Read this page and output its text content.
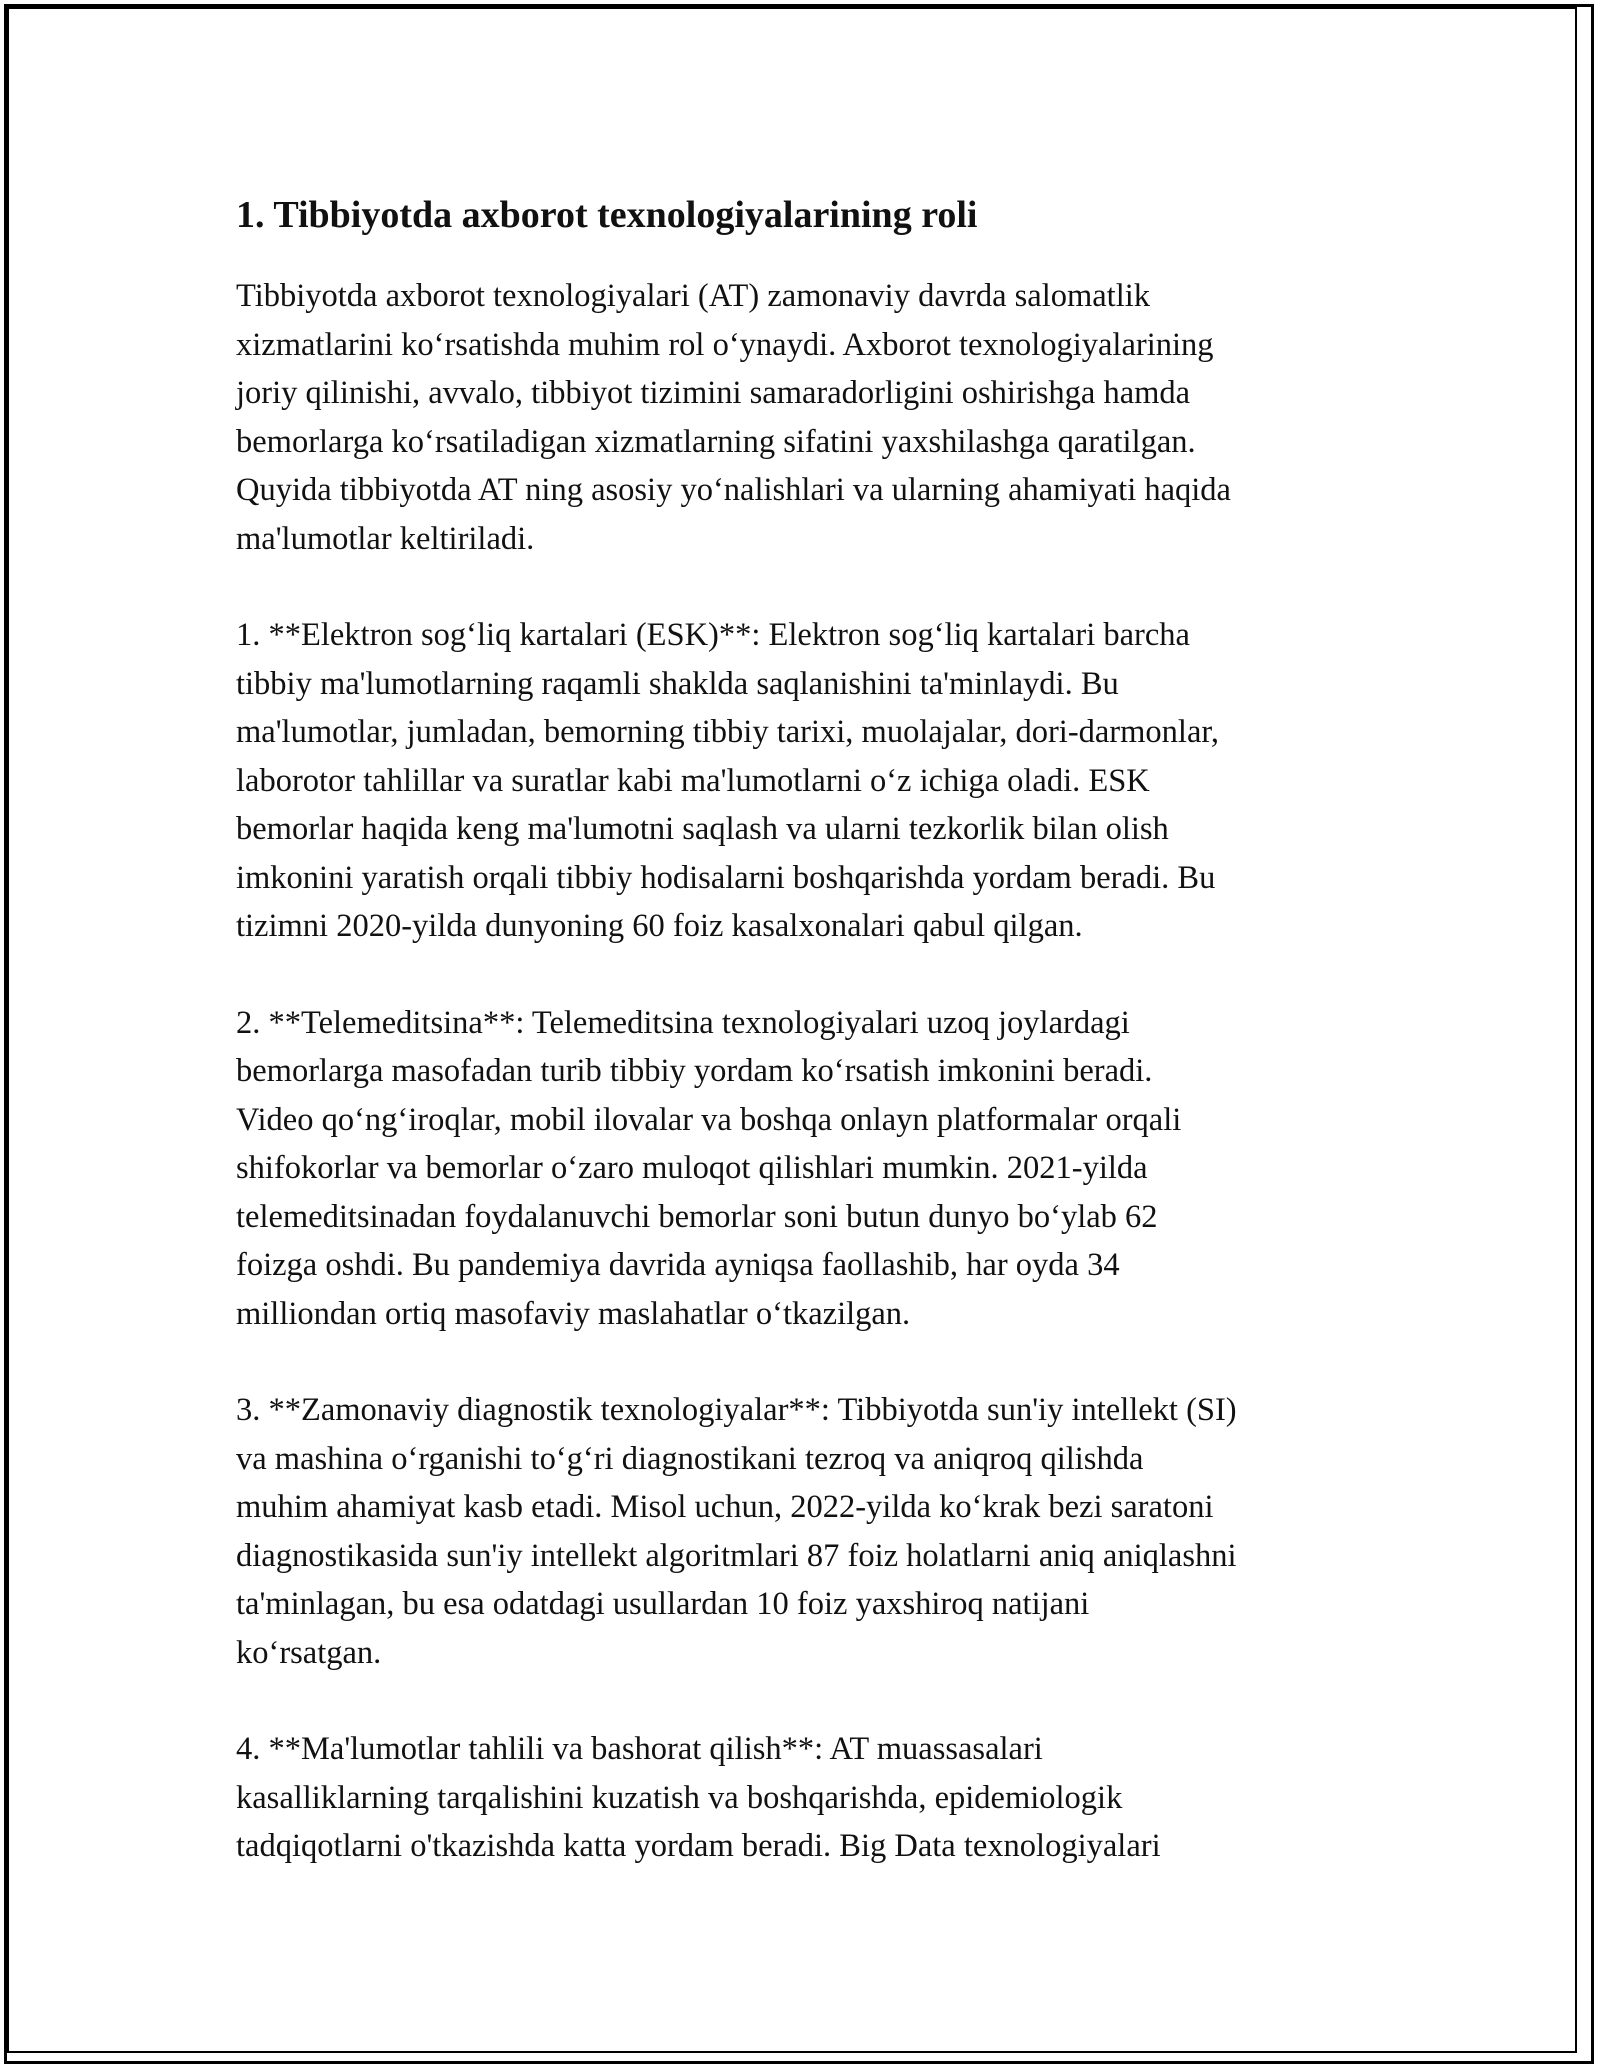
1. Tibbiyotda axborot texnologiyalarining roli

Tibbiyotda axborot texnologiyalari (AT) zamonaviy davrda salomatlik
xizmatlarini koʻrsatishda muhim rol oʻynaydi. Axborot texnologiyalarining
joriy qilinishi, avvalo, tibbiyot tizimini samaradorligini oshirishga hamda
bemorlarga koʻrsatiladigan xizmatlarning sifatini yaxshilashga qaratilgan.
Quyida tibbiyotda AT ning asosiy yoʻnalishlari va ularning ahamiyati haqida
ma'lumotlar keltiriladi.

1. **Elektron sogʻliq kartalari (ESK)**: Elektron sogʻliq kartalari barcha
tibbiy ma'lumotlarning raqamli shaklda saqlanishini ta'minlaydi. Bu
ma'lumotlar, jumladan, bemorning tibbiy tarixi, muolajalar, dori-darmonlar,
laborotor tahlillar va suratlar kabi ma'lumotlarni oʻz ichiga oladi. ESK
bemorlar haqida keng ma'lumotni saqlash va ularni tezkorlik bilan olish
imkonini yaratish orqali tibbiy hodisalarni boshqarishda yordam beradi. Bu
tizimni 2020-yilda dunyoning 60 foiz kasalxonalari qabul qilgan.

2. **Telemeditsina**: Telemeditsina texnologiyalari uzoq joylardagi
bemorlarga masofadan turib tibbiy yordam koʻrsatish imkonini beradi.
Video qoʻngʻiroqlar, mobil ilovalar va boshqa onlayn platformalar orqali
shifokorlar va bemorlar oʻzaro muloqot qilishlari mumkin. 2021-yilda
telemeditsinadan foydalanuvchi bemorlar soni butun dunyo boʻylab 62
foizga oshdi. Bu pandemiya davrida ayniqsa faollashib, har oyda 34
milliondan ortiq masofaviy maslahatlar oʻtkazilgan.

3. **Zamonaviy diagnostik texnologiyalar**: Tibbiyotda sun'iy intellekt (SI)
va mashina oʻrganishi toʻgʻri diagnostikani tezroq va aniqroq qilishda
muhim ahamiyat kasb etadi. Misol uchun, 2022-yilda koʻkrak bezi saratoni
diagnostikasida sun'iy intellekt algoritmlari 87 foiz holatlarni aniq aniqlashni
ta'minlagan, bu esa odatdagi usullardan 10 foiz yaxshiroq natijani
koʻrsatgan.

4. **Ma'lumotlar tahlili va bashorat qilish**: AT muassasalari
kasalliklarning tarqalishini kuzatish va boshqarishda, epidemiologik
tadqiqotlarni o'tkazishda katta yordam beradi. Big Data texnologiyalari
